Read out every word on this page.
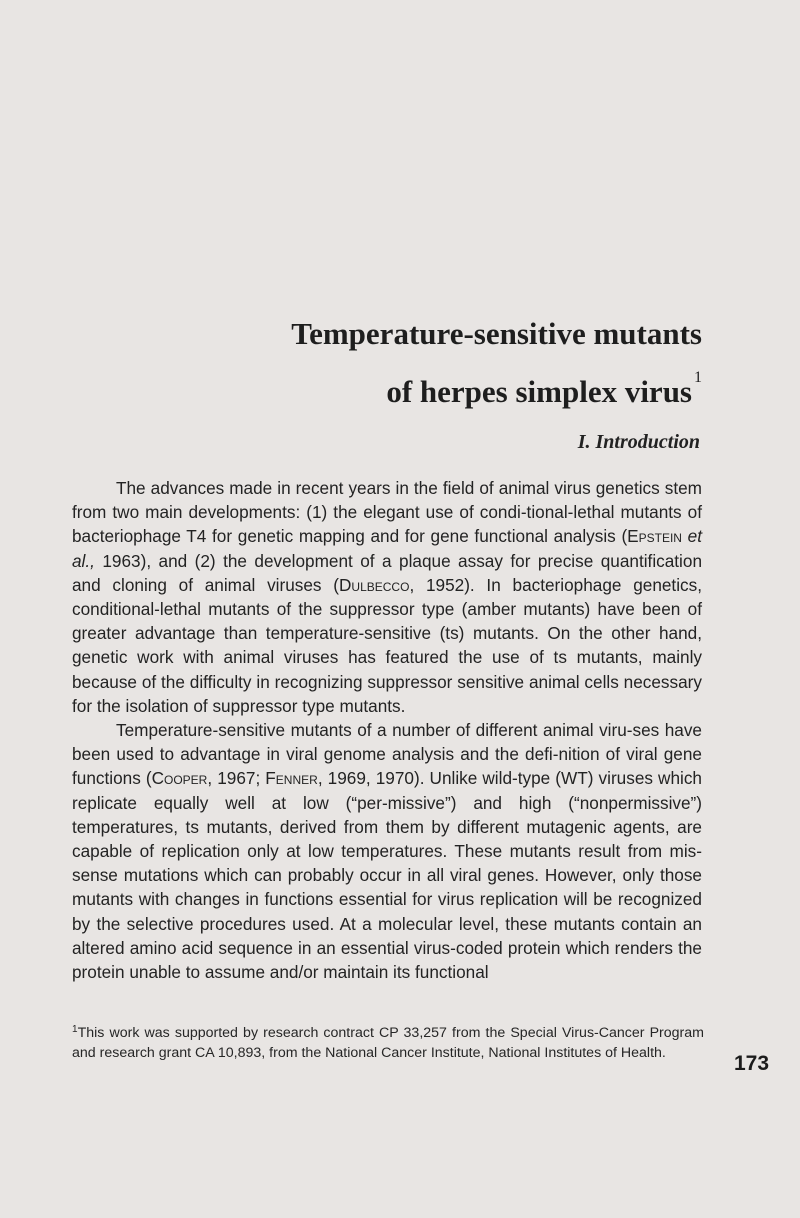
Temperature-sensitive mutants
of herpes simplex virus $^1$
I. Introduction

The advances made in recent years in the field of animal virus genetics stem from two main developments: (1) the elegant use of condi-tional-lethal mutants of bacteriophage T4 for genetic mapping and for gene functional analysis (Epstein et al., 1963), and (2) the development of a plaque assay for precise quantification and cloning of animal viruses (Dulbecco, 1952). In bacteriophage genetics, conditional-lethal mutants of the suppressor type (amber mutants) have been of greater advantage than temperature-sensitive (ts) mutants. On the other hand, genetic work with animal viruses has featured the use of ts mutants, mainly because of the difficulty in recognizing suppressor sensitive animal cells necessary for the isolation of suppressor type mutants.

Temperature-sensitive mutants of a number of different animal viru-ses have been used to advantage in viral genome analysis and the defi-nition of viral gene functions (Cooper, 1967; Fenner, 1969, 1970). Unlike wild-type (WT) viruses which replicate equally well at low (“per-missive”) and high (“nonpermissive”) temperatures, ts mutants, derived from them by different mutagenic agents, are capable of replication only at low temperatures. These mutants result from mis-sense mutations which can probably occur in all viral genes. However, only those mutants with changes in functions essential for virus replication will be recognized by the selective procedures used. At a molecular level, these mutants contain an altered amino acid sequence in an essential virus-coded protein which renders the protein unable to assume and/or maintain its functional

$^1$This work was supported by research contract CP 33,257 from the Special Virus-Cancer Program and research grant CA 10,893, from the National Cancer Institute, National Institutes of Health.	173
